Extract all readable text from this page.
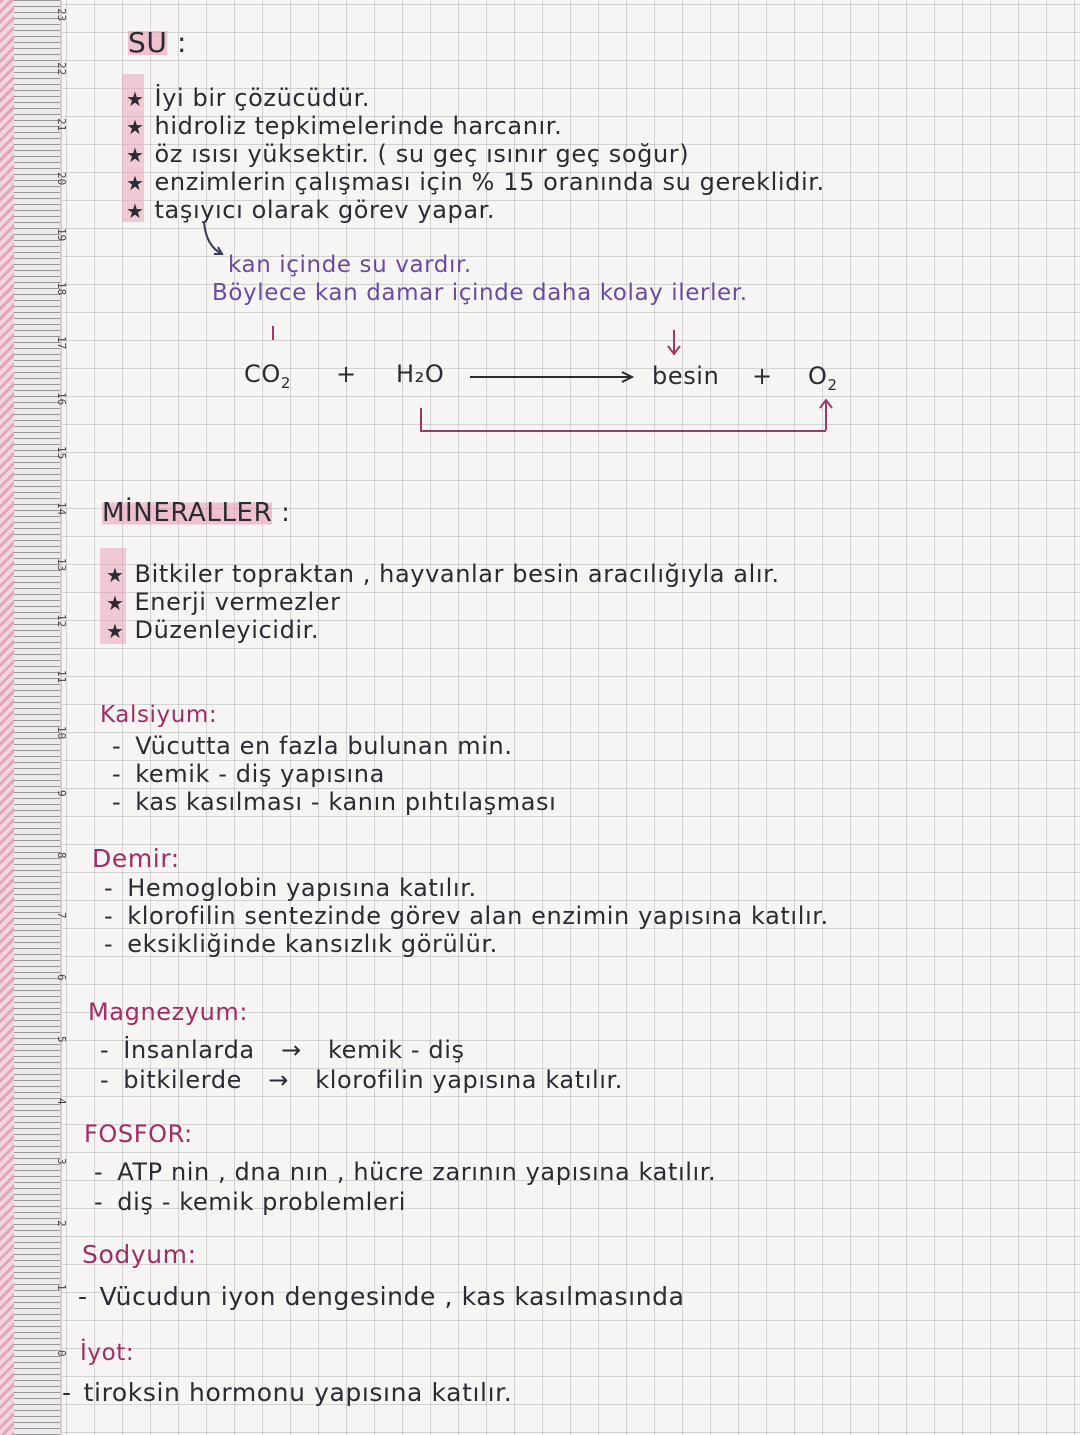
23
22
21
20
19
18
17
16
15
14
13
12
11
10
9
8
7
6
5
4
3
2
1
0
SU :
★ İyi bir çözücüdür.
★ hidroliz tepkimelerinde harcanır.
★ öz ısısı yüksektir. ( su geç ısınır geç soğur)
★ enzimlerin çalışması için % 15 oranında su gereklidir.
★ taşıyıcı olarak görev yapar.
kan içinde su vardır.
Böylece kan damar içinde daha kolay ilerler.
$CO_2 + H_2O$	$besin + O_2$
MİNERALLER :
★ Bitkiler topraktan , hayvanlar besin aracılığıyla alır.
★ Enerji vermezler
★ Düzenleyicidir.
Kalsiyum:
- Vücutta en fazla bulunan min.
- kemik - diş yapısına
- kas kasılması - kanın pıhtılaşması
Demir:
- Hemoglobin yapısına katılır.
- klorofilin sentezinde görev alan enzimin yapısına katılır.
- eksikliğinde kansızlık görülür.
Magnezyum:
- İnsanlarda → kemik - diş
- bitkilerde → klorofilin yapısına katılır.
FOSFOR:
- ATP nin , dna nın , hücre zarının yapısına katılır.
- diş - kemik problemleri
Sodyum:
- Vücudun iyon dengesinde , kas kasılmasında
İyot:
- tiroksin hormonu yapısına katılır.
